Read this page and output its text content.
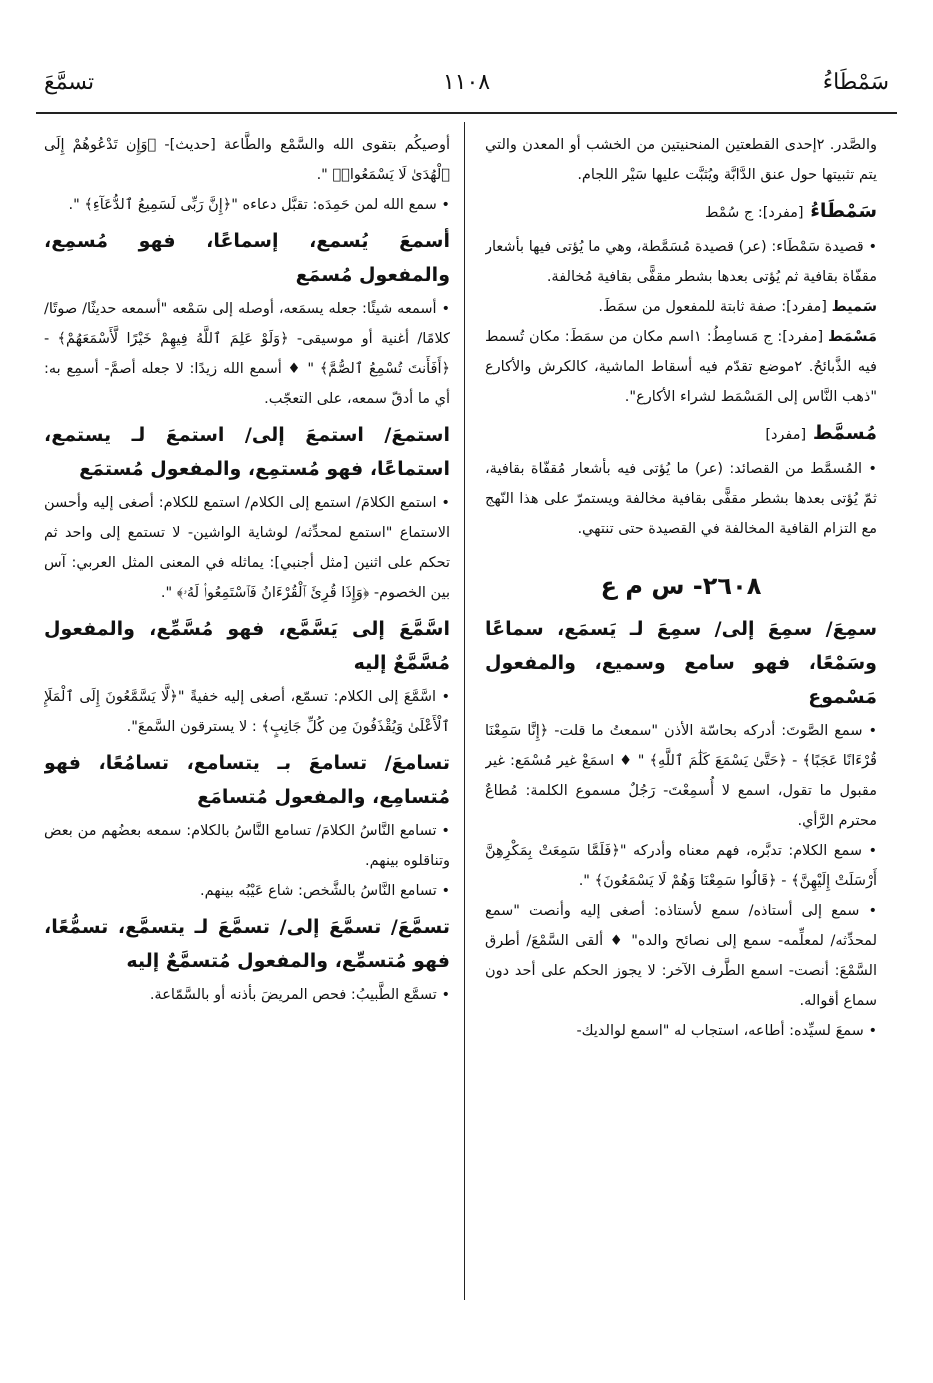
سَمْطَاءُ
١١٠٨
تسمَّعَ

والصَّدر. ٢إحدى القطعتين المنحنيتين من الخشب أو المعدن والتي يتم تثبيتها حول عنق الدَّابَّة ويُثبَّت عليها سَيْر اللجام.

سَمْطَاءُ [مفرد]: ج سُمْط

• قصيدة سَمْطَاء: (عر) قصيدة مُسَمَّطة، وهي ما يُؤتى فيها بأشعار مقفّاة بقافية ثم يُؤتى بعدها بشطر مقفًّى بقافية مُخالفة.

سَميط [مفرد]: صفة ثابتة للمفعول من سمَطَ.

مَسْمَط [مفرد]: ج مَسامِطُ: ١اسم مكان من سمَطَ: مكان تُسمط فيه الذَّبائحُ. ٢موضع تقدّم فيه أسقاط الماشية، كالكرش والأكارع "ذهب النَّاس إلى المَسْمَط لشراء الأكارع".

مُسمَّط [مفرد]

• المُسمَّط من القصائد: (عر) ما يُؤتى فيه بأشعار مُقفّاة بقافية، ثمّ يُؤتى بعدها بشطر مقفًّى بقافية مخالفة ويستمرّ على هذا النّهج مع التزام القافية المخالفة في القصيدة حتى تنتهي.

٢٦٠٨- س م ع
سمِعَ/ سمِعَ إلى/ سمِعَ لـ يَسمَع، سماعًا وسَمْعًا، فهو سامع وسميع، والمفعول مَسْموع

• سمع الصَّوتَ: أدركه بحاسّة الأذن "سمعتُ ما قلت- ﴿إِنَّا سَمِعْنَا قُرْءَانًا عَجَبًا﴾ - ﴿حَتَّىٰ يَسْمَعَ كَلَٰمَ ٱللَّهِ﴾ " ♦ اسمَعْ غير مُسْمَع: غير مقبول ما تقول، اسمع لا أُسمِعْتَ- رَجُلٌ مسموع الكلمة: مُطاعٌ محترم الرَّأي.

• سمع الكلام: تدبَّره، فهم معناه وأدركه "﴿فَلَمَّا سَمِعَتْ بِمَكْرِهِنَّ أَرْسَلَتْ إِلَيْهِنَّ﴾ - ﴿قَالُوا سَمِعْنَا وَهُمْ لَا يَسْمَعُونَ﴾ ".

• سمع إلى أستاذه/ سمع لأستاذه: أصغى إليه وأنصت "سمع لمحدِّثه/ لمعلِّمه- سمع إلى نصائح والده" ♦ ألقى السَّمْعَ/ أطرق السَّمْعَ: أنصت- اسمع الطَّرف الآخر: لا يجوز الحكم على أحد دون سماع أقواله.

• سمعَ لسيِّده: أطاعه، استجاب له "اسمع لوالديك-

أوصيكُم بتقوى الله والسَّمْع والطَّاعة [حديث]- ﴿وَإِن تَدْعُوهُمْ إِلَى ٱلْهُدَىٰ لَا يَسْمَعُوا۟﴾ ".

• سمع الله لمن حَمِدَه: تقبَّل دعاءه "﴿إِنَّ رَبِّى لَسَمِيعُ ٱلدُّعَآءِ﴾ ".

أسمعَ يُسمع، إسماعًا، فهو مُسمِع، والمفعول مُسمَع

• أسمعه شيئًا: جعله يسمَعه، أوصله إلى سَمْعه "أسمعه حديثًا/ صوتًا/ كلامًا/ أغنية أو موسيقى- ﴿وَلَوْ عَلِمَ ٱللَّهُ فِيهِمْ خَيْرًا لَّأَسْمَعَهُمْ﴾ - ﴿أَفَأَنتَ تُسْمِعُ ٱلصُّمَّ﴾ " ♦ أسمع الله زيدًا: لا جعله أصمَّ- أسمِع به: أي ما أدقّ سمعه، على التعجّب.

استمعَ/ استمعَ إلى/ استمعَ لـ يستمع، استماعًا، فهو مُستمِع، والمفعول مُستمَع

• استمع الكلامَ/ استمع إلى الكلام/ استمع للكلام: أصغى إليه وأحسن الاستماع "استمع لمحدِّثه/ لوشاية الواشين- لا تستمع إلى واحد ثم تحكم على اثنين [مثل أجنبي]: يماثله في المعنى المثل العربي: آس بين الخصوم- ﴿وَإِذَا قُرِئَ ٱلْقُرْءَانُ فَٱسْتَمِعُوا۟ لَهُۥ﴾ ".

اسَّمَّعَ إلى يَسَّمَّع، فهو مُسَّمِّع، والمفعول مُسَّمَّعٌ إليه

• اسَّمَّعَ إلى الكلام: تسمّع، أصغى إليه خفيةً "﴿لَّا يَسَّمَّعُونَ إِلَى ٱلْمَلَإِ ٱلْأَعْلَىٰ وَيُقْذَفُونَ مِن كُلِّ جَانِبٍ﴾ : لا يسترقون السَّمعَ".

تسامعَ/ تسامعَ بـ يتسامع، تسامُعًا، فهو مُتسامِع، والمفعول مُتسامَع

• تسامع النَّاسُ الكلامَ/ تسامع النَّاسُ بالكلام: سمعه بعضُهم من بعض وتناقلوه بينهم.

• تسامع النَّاسُ بالشَّخص: شاع عَيْبُه بينهم.

تسمَّعَ/ تسمَّعَ إلى/ تسمَّعَ لـ يتسمَّع، تسمُّعًا، فهو مُتسمِّع، والمفعول مُتسمَّعٌ إليه

• تسمَّع الطَّبيبُ: فحص المريضَ بأذنه أو بالسَّمّاعة.
